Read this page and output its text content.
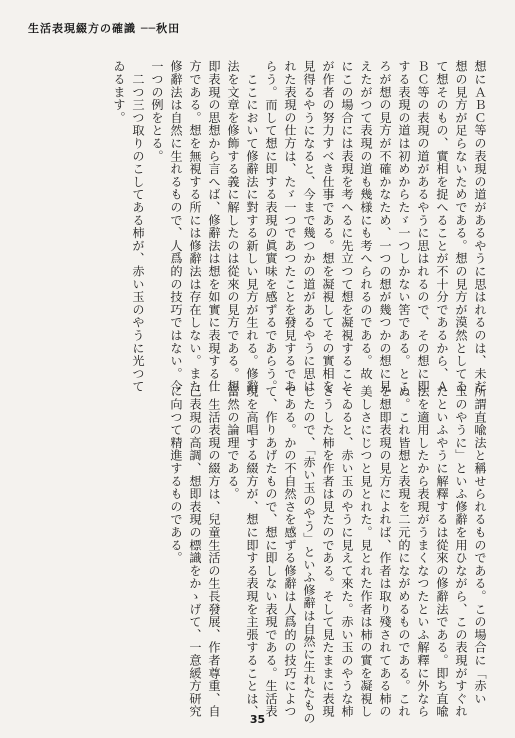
生活表現綴方の確識 ──秋田
想にＡＢＣ等の表現の道があるやうに思はれるのは、未だ
想の見方が足らないためである。想の見方が漠然としてゐ
て想そのもの、實相を捉へることが不十分であるから、Ａ
ＢＣ等の表現の道があるやうに思はれるので、その想に即
する表現の道は初めからたゞ一つしかない筈である。とこ
ろが想の見方が不確かなため、一つの想が幾つかの想に見
えたがつて表現の道も幾様にも考へられるのである。故
にこの場合には表現を考へるに先立つて想を凝視すること
が作者の努力すべき仕事である。想を凝視してその實相を
見得るやうになると、今まで幾つかの道があるやうに思は
れた表現の仕方は、たゞ一つであつたことを發見するであ
らう。而して想に即する表現の眞實味を感ずるであらう。
　ここにおいて修辭法に對する新しい見方が生れる。修辭
法を文章を修飾する義に解したのは從來の見方である。想
即表現の思想から言へば、修辭法は想を如實に表現する仕
方である。想を無視する所には修辭法は存在しない。また
修辭法は自然に生れるもので、人爲的の技巧ではない。今
一つの例をとる。
　二つ三つ取りのこしてある柿が、赤い玉のやうに光つて
ゐるます。
所謂直喩法と稱せられるものである。この場合に「赤い
玉のやうに」といふ修辭を用ひながら、この表現がすぐれ
たといふやうに解釋するは從來の修辭法である。即ち直喩
法を適用したから表現がうまくなつたといふ解釋に外なら
ぬ。これ皆想と表現を二元的にながめるものである。これ
を想即表現の見方によれば、作者は取り殘されてある柿の
美しさにじつと見とれた。見とれた作者は柿の實を凝視し
てゐると、赤い玉のやうに見えて來た。赤い玉のやうな柿
さうした柿を作者は見たのである。そして見たままに表現
したので、「赤い玉のやう」といふ修辭は自然に生れたもの
である。かの不自然さを感ずる修辭は人爲的の技巧によつ
て、作りあげたもので、想に即しない表現である。生活表
現を高唱する綴方が、想に即する表現を主張することは、
當然の論理である。
　生活表現の綴方は、兒童生活の生長發展、作者尊重、自
己表現の高調、想即表現の標識をかゝげて、一意緩方研究
に向つて精進するものである。
35
